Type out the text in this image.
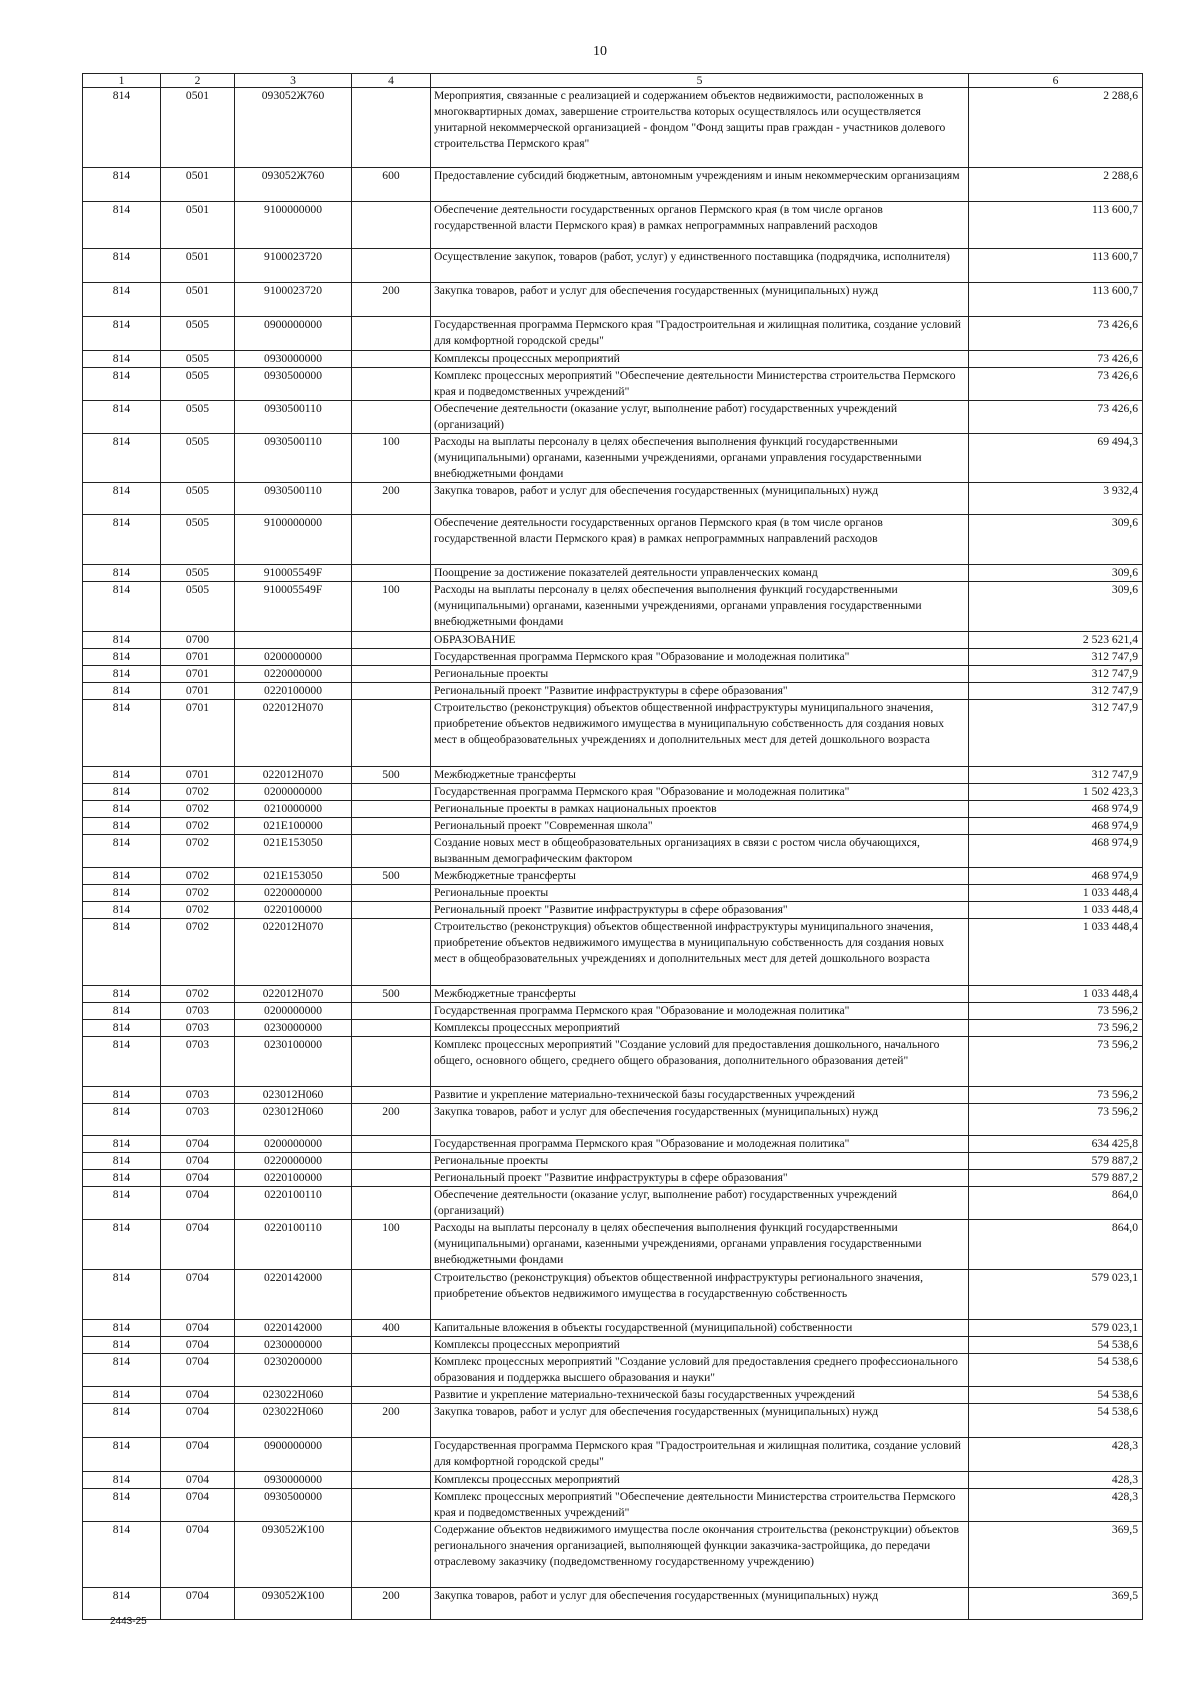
10
1	2	3	4	5	6
814	0501	093052Ж760		Мероприятия, связанные с реализацией и содержанием объектов недвижимости, расположенных в многоквартирных домах, завершение строительства которых осуществлялось или осуществляется унитарной некоммерческой организацией - фондом "Фонд защиты прав граждан - участников долевого строительства Пермского края"	2 288,6
814	0501	093052Ж760	600	Предоставление субсидий бюджетным, автономным учреждениям и иным некоммерческим организациям	2 288,6
814	0501	9100000000		Обеспечение деятельности государственных органов Пермского края (в том числе органов государственной власти Пермского края) в рамках непрограммных направлений расходов	113 600,7
814	0501	9100023720		Осуществление закупок, товаров (работ, услуг) у единственного поставщика (подрядчика, исполнителя)	113 600,7
814	0501	9100023720	200	Закупка товаров, работ и услуг для обеспечения государственных (муниципальных) нужд	113 600,7
814	0505	0900000000		Государственная программа Пермского края "Градостроительная и жилищная политика, создание условий для комфортной городской среды"	73 426,6
814	0505	0930000000		Комплексы процессных мероприятий	73 426,6
814	0505	0930500000		Комплекс процессных мероприятий "Обеспечение деятельности Министерства строительства Пермского края и подведомственных учреждений"	73 426,6
814	0505	0930500110		Обеспечение деятельности (оказание услуг, выполнение работ) государственных учреждений (организаций)	73 426,6
814	0505	0930500110	100	Расходы на выплаты персоналу в целях обеспечения выполнения функций государственными (муниципальными) органами, казенными учреждениями, органами управления государственными внебюджетными фондами	69 494,3
814	0505	0930500110	200	Закупка товаров, работ и услуг для обеспечения государственных (муниципальных) нужд	3 932,4
814	0505	9100000000		Обеспечение деятельности государственных органов Пермского края (в том числе органов государственной власти Пермского края) в рамках непрограммных направлений расходов	309,6
814	0505	910005549F		Поощрение за достижение показателей деятельности управленческих команд	309,6
814	0505	910005549F	100	Расходы на выплаты персоналу в целях обеспечения выполнения функций государственными (муниципальными) органами, казенными учреждениями, органами управления государственными внебюджетными фондами	309,6
814	0700			ОБРАЗОВАНИЕ	2 523 621,4
814	0701	0200000000		Государственная программа Пермского края "Образование и молодежная политика"	312 747,9
814	0701	0220000000		Региональные проекты	312 747,9
814	0701	0220100000		Региональный проект "Развитие инфраструктуры в сфере образования"	312 747,9
814	0701	022012Н070		Строительство (реконструкция) объектов общественной инфраструктуры муниципального значения, приобретение объектов недвижимого имущества в муниципальную собственность для создания новых мест в общеобразовательных учреждениях и дополнительных мест для детей дошкольного возраста	312 747,9
814	0701	022012Н070	500	Межбюджетные трансферты	312 747,9
814	0702	0200000000		Государственная программа Пермского края "Образование и молодежная политика"	1 502 423,3
814	0702	0210000000		Региональные проекты в рамках национальных проектов	468 974,9
814	0702	021Е100000		Региональный проект "Современная школа"	468 974,9
814	0702	021Е153050		Создание новых мест в общеобразовательных организациях в связи с ростом числа обучающихся, вызванным демографическим фактором	468 974,9
814	0702	021Е153050	500	Межбюджетные трансферты	468 974,9
814	0702	0220000000		Региональные проекты	1 033 448,4
814	0702	0220100000		Региональный проект "Развитие инфраструктуры в сфере образования"	1 033 448,4
814	0702	022012Н070		Строительство (реконструкция) объектов общественной инфраструктуры муниципального значения, приобретение объектов недвижимого имущества в муниципальную собственность для создания новых мест в общеобразовательных учреждениях и дополнительных мест для детей дошкольного возраста	1 033 448,4
814	0702	022012Н070	500	Межбюджетные трансферты	1 033 448,4
814	0703	0200000000		Государственная программа Пермского края "Образование и молодежная политика"	73 596,2
814	0703	0230000000		Комплексы процессных мероприятий	73 596,2
814	0703	0230100000		Комплекс процессных мероприятий "Создание условий для предоставления дошкольного, начального общего, основного общего, среднего общего образования, дополнительного образования детей"	73 596,2
814	0703	023012Н060		Развитие и укрепление материально-технической базы государственных учреждений	73 596,2
814	0703	023012Н060	200	Закупка товаров, работ и услуг для обеспечения государственных (муниципальных) нужд	73 596,2
814	0704	0200000000		Государственная программа Пермского края "Образование и молодежная политика"	634 425,8
814	0704	0220000000		Региональные проекты	579 887,2
814	0704	0220100000		Региональный проект "Развитие инфраструктуры в сфере образования"	579 887,2
814	0704	0220100110		Обеспечение деятельности (оказание услуг, выполнение работ) государственных учреждений (организаций)	864,0
814	0704	0220100110	100	Расходы на выплаты персоналу в целях обеспечения выполнения функций государственными (муниципальными) органами, казенными учреждениями, органами управления государственными внебюджетными фондами	864,0
814	0704	0220142000		Строительство (реконструкция) объектов общественной инфраструктуры регионального значения, приобретение объектов недвижимого имущества в государственную собственность	579 023,1
814	0704	0220142000	400	Капитальные вложения в объекты государственной (муниципальной) собственности	579 023,1
814	0704	0230000000		Комплексы процессных мероприятий	54 538,6
814	0704	0230200000		Комплекс процессных мероприятий "Создание условий для предоставления среднего профессионального образования и поддержка высшего образования и науки"	54 538,6
814	0704	023022Н060		Развитие и укрепление материально-технической базы государственных учреждений	54 538,6
814	0704	023022Н060	200	Закупка товаров, работ и услуг для обеспечения государственных (муниципальных) нужд	54 538,6
814	0704	0900000000		Государственная программа Пермского края "Градостроительная и жилищная политика, создание условий для комфортной городской среды"	428,3
814	0704	0930000000		Комплексы процессных мероприятий	428,3
814	0704	0930500000		Комплекс процессных мероприятий "Обеспечение деятельности Министерства строительства Пермского края и подведомственных учреждений"	428,3
814	0704	093052Ж100		Содержание объектов недвижимого имущества после окончания строительства (реконструкции) объектов регионального значения организацией, выполняющей функции заказчика-застройщика, до передачи отраслевому заказчику (подведомственному государственному учреждению)	369,5
814	0704	093052Ж100	200	Закупка товаров, работ и услуг для обеспечения государственных (муниципальных) нужд	369,5
2443-25
